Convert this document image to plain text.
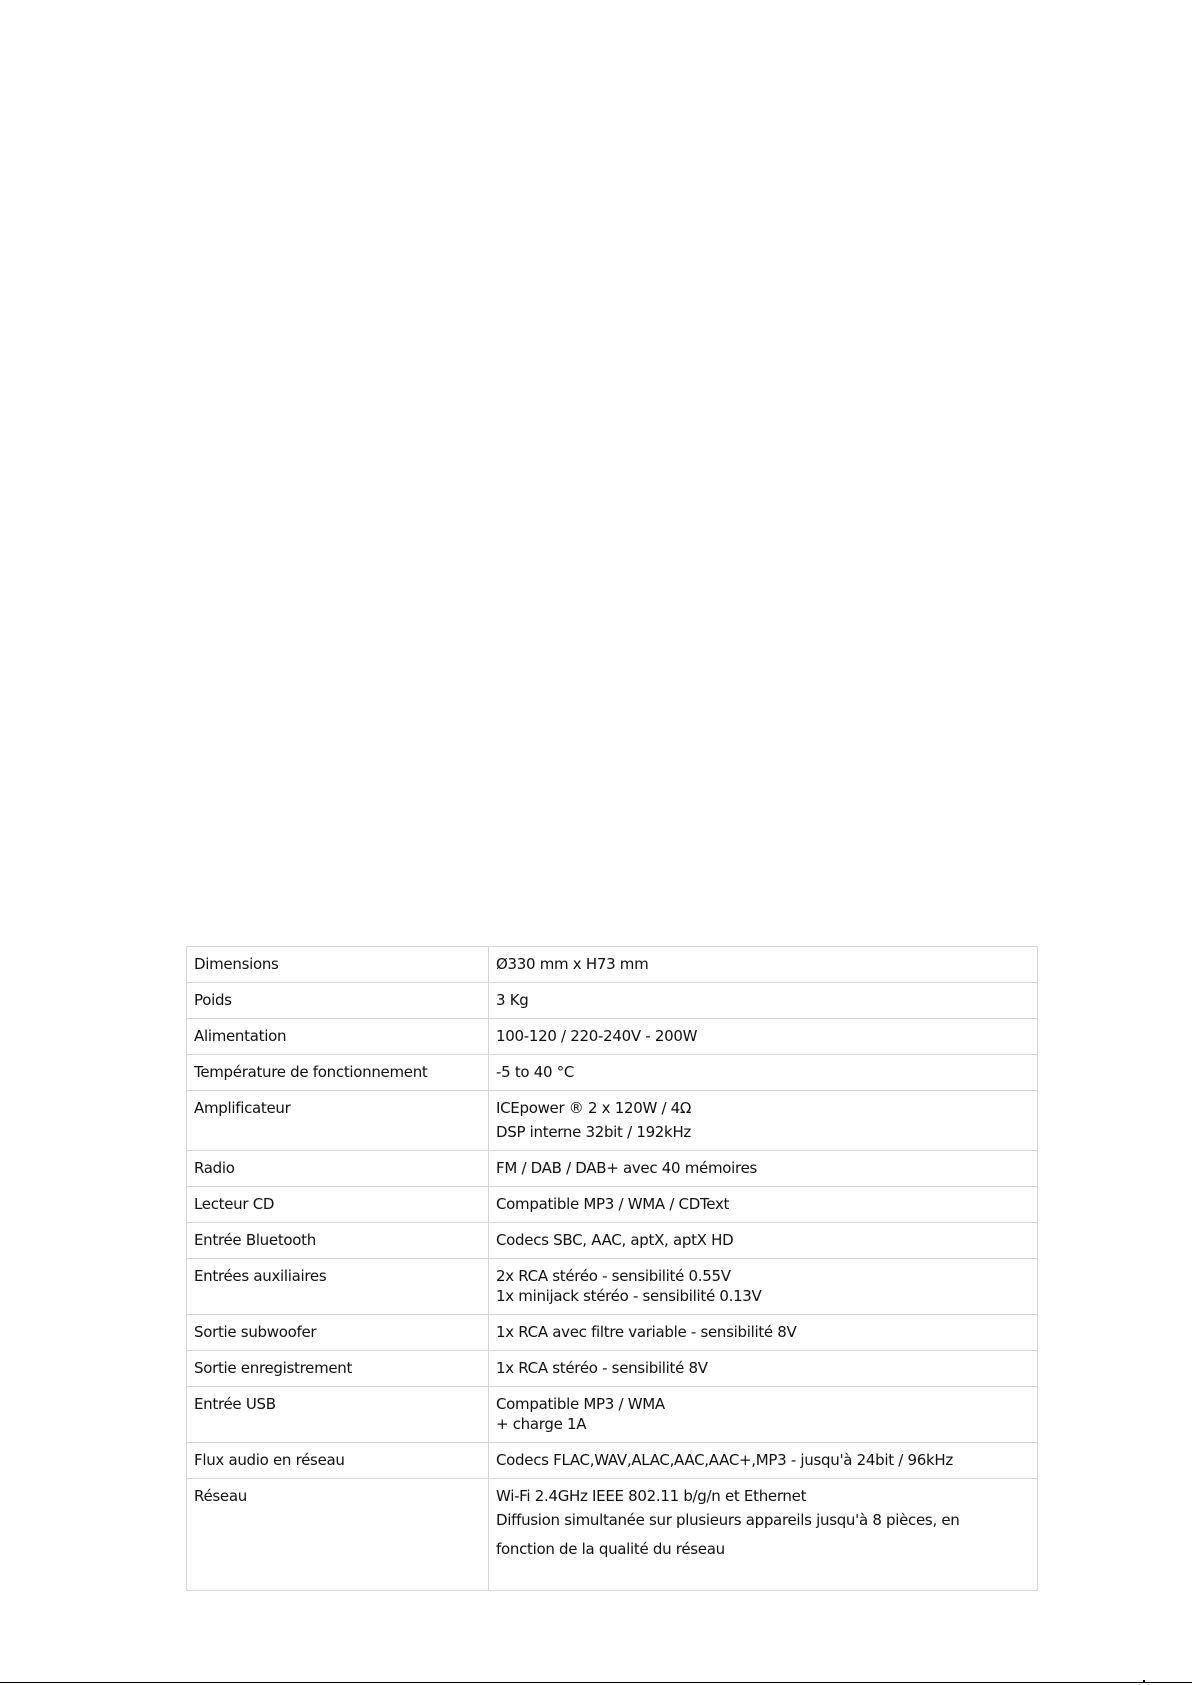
Dimensions	Ø330 mm x H73 mm

Poids	3 Kg

Alimentation	100-120 / 220-240V - 200W

Température de fonctionnement	-5 to 40 °C

Amplificateur	ICEpower ® 2 x 120W / 4Ω
DSP interne 32bit / 192kHz

Radio	FM / DAB / DAB+ avec 40 mémoires

Lecteur CD	Compatible MP3 / WMA / CDText

Entrée Bluetooth	Codecs SBC, AAC, aptX, aptX HD

Entrées auxiliaires	2x RCA stéréo - sensibilité 0.55V
1x minijack stéréo - sensibilité 0.13V

Sortie subwoofer	1x RCA avec filtre variable - sensibilité 8V

Sortie enregistrement	1x RCA stéréo - sensibilité 8V

Entrée USB	Compatible MP3 / WMA
+ charge 1A

Flux audio en réseau	Codecs FLAC,WAV,ALAC,AAC,AAC+,MP3 - jusqu'à 24bit / 96kHz

Réseau	Wi-Fi 2.4GHz IEEE 802.11 b/g/n et Ethernet
Diffusion simultanée sur plusieurs appareils jusqu'à 8 pièces, en
fonction de la qualité du réseau
